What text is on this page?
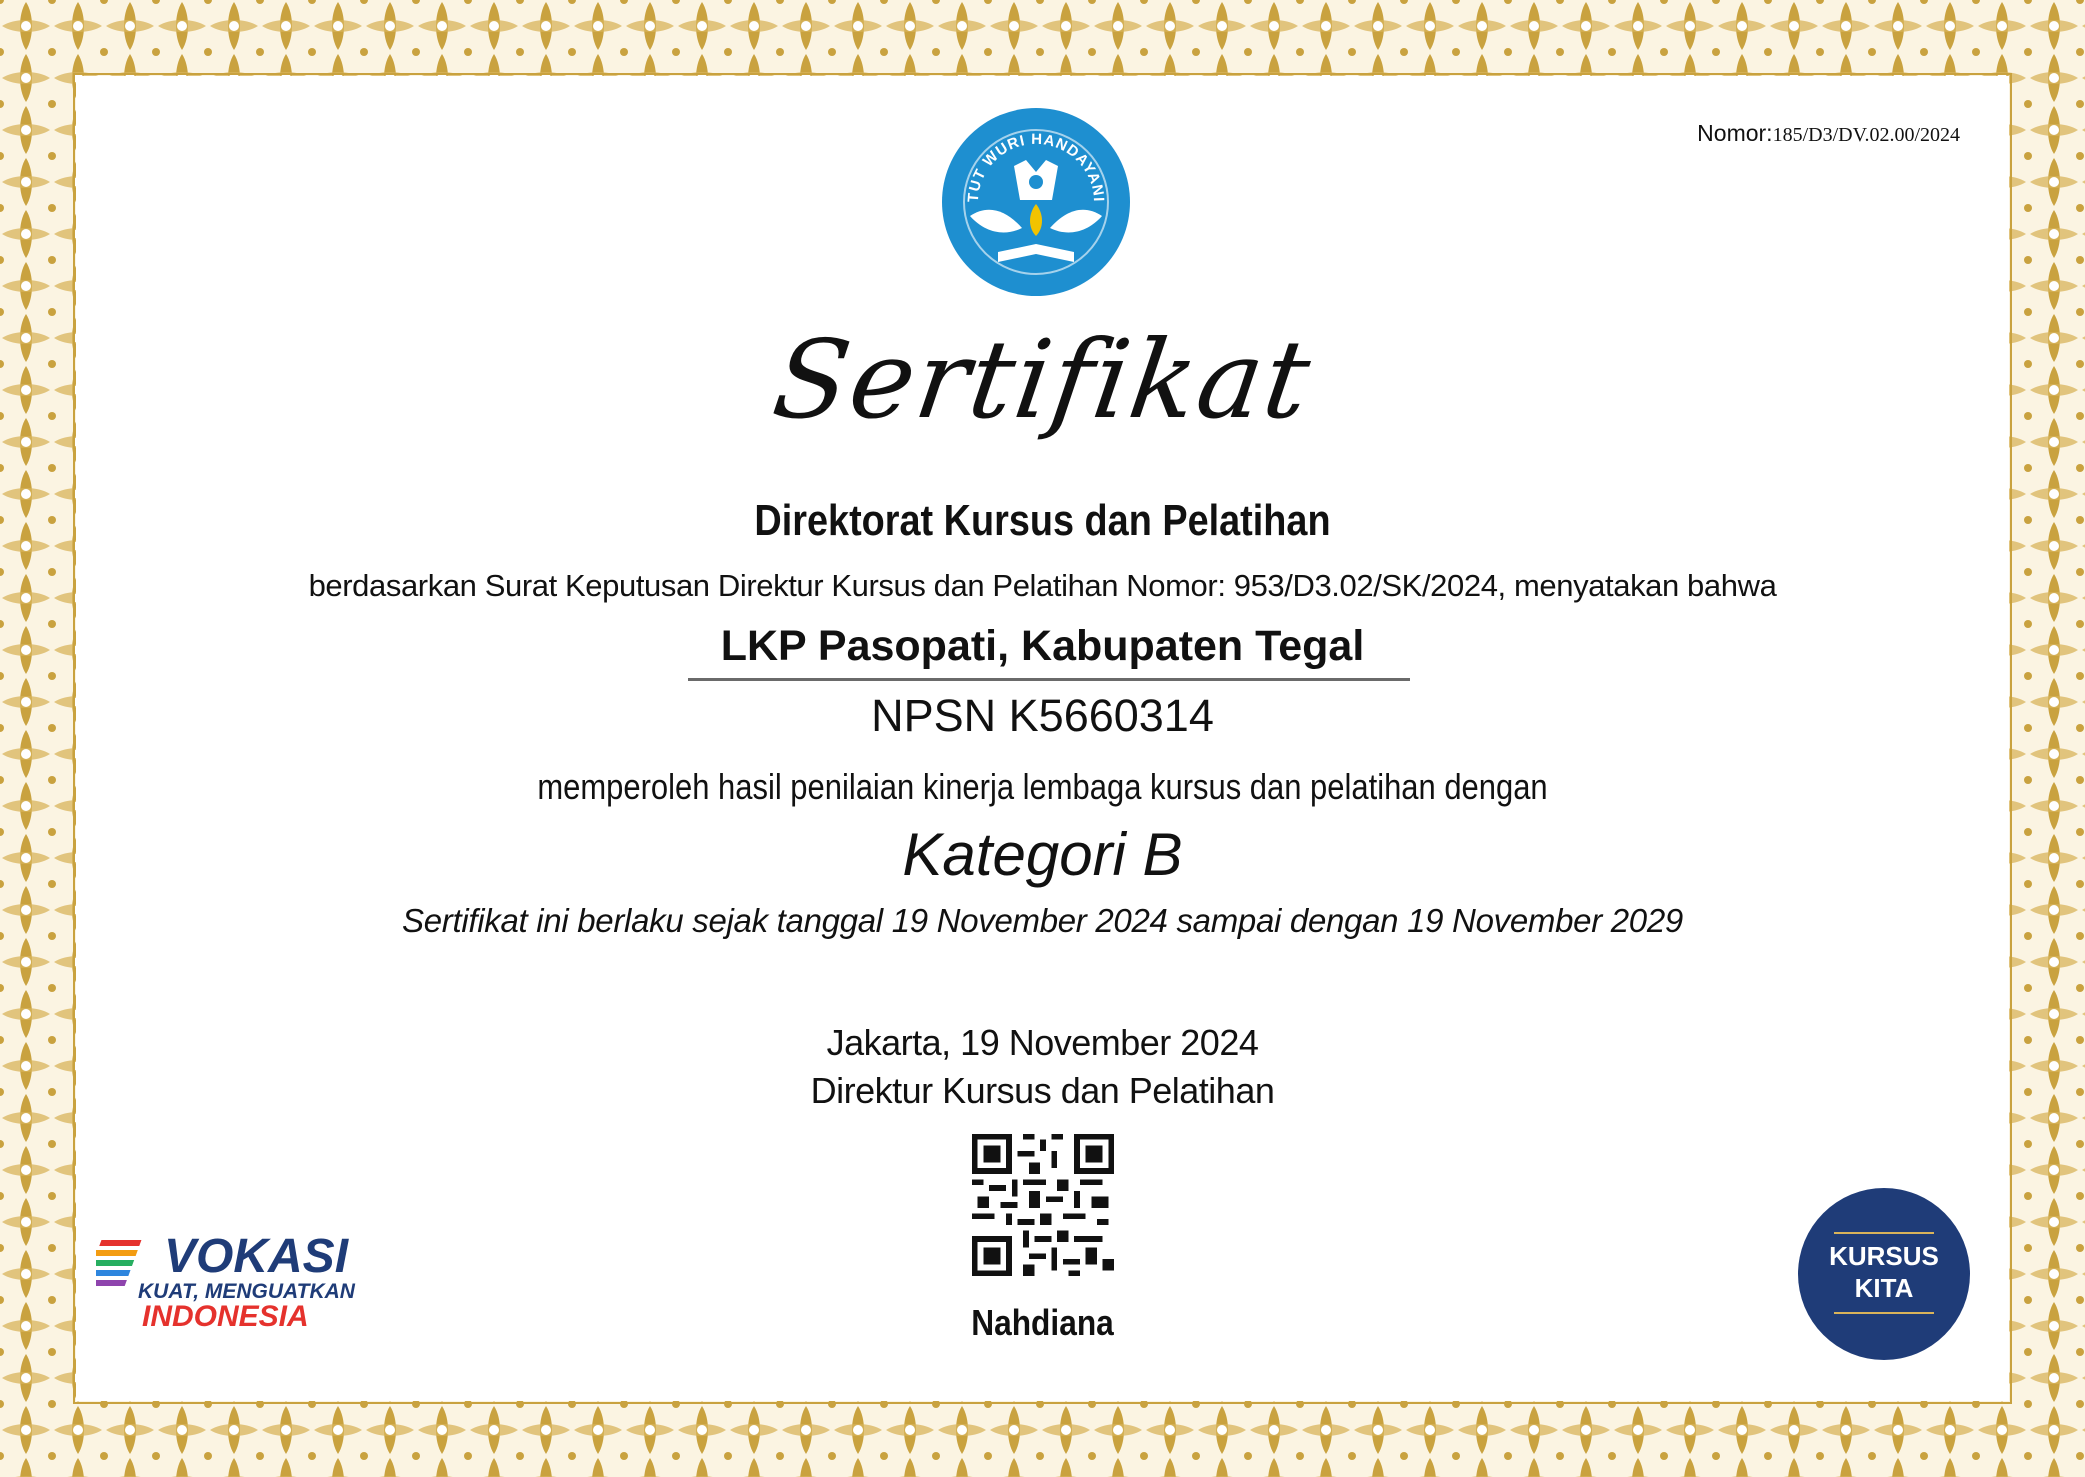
Nomor:185/D3/DV.02.00/2024
TUT WURI HANDAYANI
Sertifikat
Direktorat Kursus dan Pelatihan
berdasarkan Surat Keputusan Direktur Kursus dan Pelatihan Nomor: 953/D3.02/SK/2024, menyatakan bahwa
LKP Pasopati, Kabupaten Tegal
NPSN K5660314
memperoleh hasil penilaian kinerja lembaga kursus dan pelatihan dengan
Kategori B
Sertifikat ini berlaku sejak tanggal 19 November 2024 sampai dengan 19 November 2029
Jakarta, 19 November 2024
Direktur Kursus dan Pelatihan
Nahdiana
VOKASI
KUAT, MENGUATKAN
INDONESIA
KURSUS
KITA
